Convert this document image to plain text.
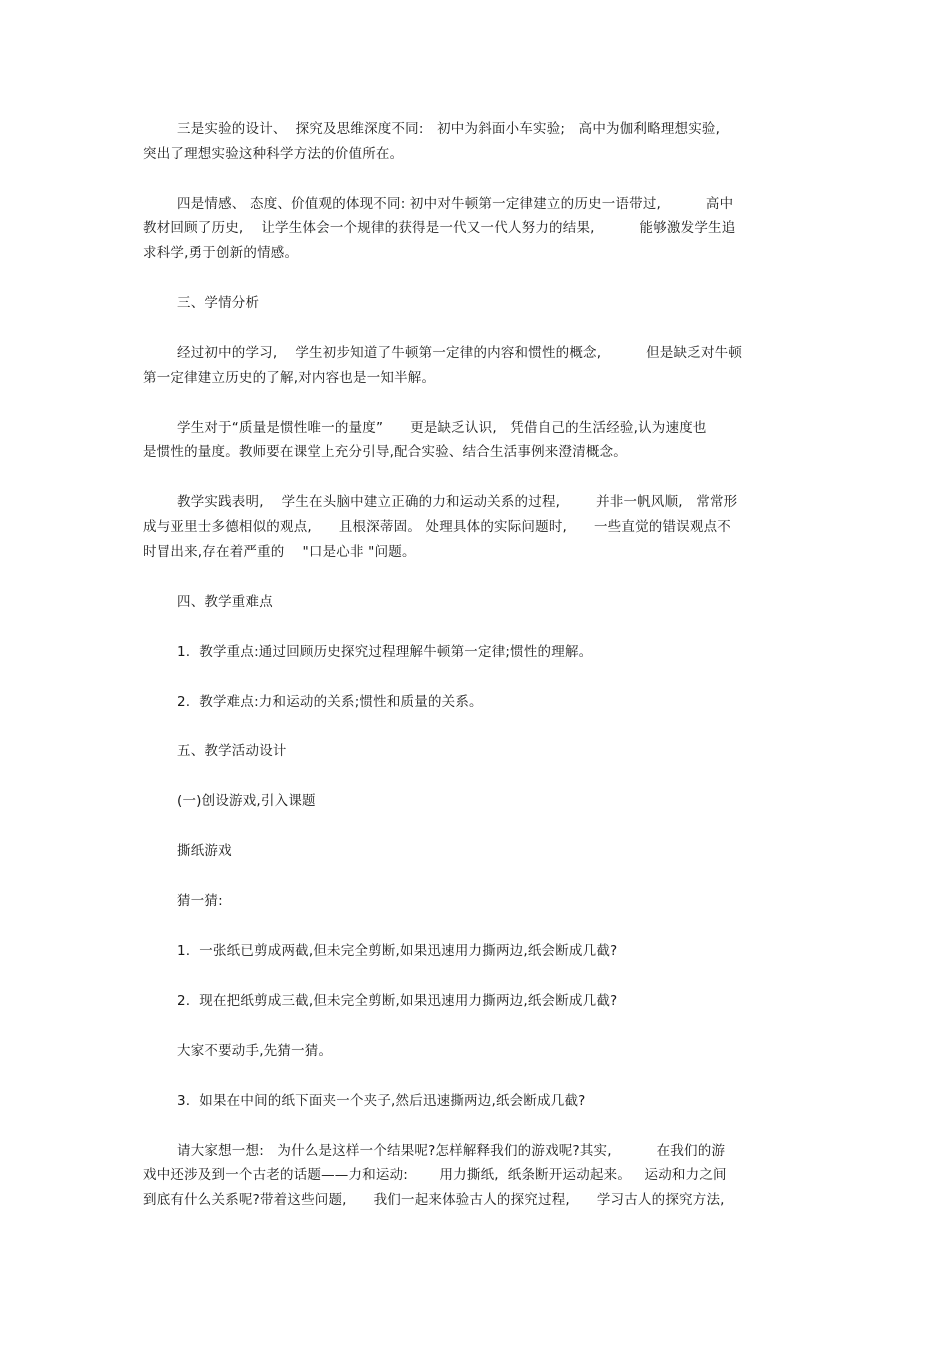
三是实验的设计、  探究及思维深度不同:   初中为斜面小车实验;   高中为伽利略理想实验,
突出了理想实验这种科学方法的价值所在。
四是情感、 态度、价值观的体现不同: 初中对牛顿第一定律建立的历史一语带过,          高中
教材回顾了历史,    让学生体会一个规律的获得是一代又一代人努力的结果,          能够激发学生追
求科学,勇于创新的情感。
三、学情分析
经过初中的学习,    学生初步知道了牛顿第一定律的内容和惯性的概念,          但是缺乏对牛顿
第一定律建立历史的了解,对内容也是一知半解。
学生对于“质量是惯性唯一的量度”      更是缺乏认识,   凭借自己的生活经验,认为速度也
是惯性的量度。教师要在课堂上充分引导,配合实验、结合生活事例来澄清概念。
教学实践表明,    学生在头脑中建立正确的力和运动关系的过程,        并非一帆风顺,   常常形
成与亚里士多德相似的观点,      且根深蒂固。 处理具体的实际问题时,      一些直觉的错误观点不
时冒出来,存在着严重的    "口是心非 "问题。
四、教学重难点
1.  教学重点:通过回顾历史探究过程理解牛顿第一定律;惯性的理解。
2.  教学难点:力和运动的关系;惯性和质量的关系。
五、教学活动设计
(一)创设游戏,引入课题
撕纸游戏
猜一猜:
1.  一张纸已剪成两截,但未完全剪断,如果迅速用力撕两边,纸会断成几截?
2.  现在把纸剪成三截,但未完全剪断,如果迅速用力撕两边,纸会断成几截?
大家不要动手,先猜一猜。
3.  如果在中间的纸下面夹一个夹子,然后迅速撕两边,纸会断成几截?
请大家想一想:   为什么是这样一个结果呢?怎样解释我们的游戏呢?其实,          在我们的游
戏中还涉及到一个古老的话题——力和运动:       用力撕纸,  纸条断开运动起来。   运动和力之间
到底有什么关系呢?带着这些问题,      我们一起来体验古人的探究过程,      学习古人的探究方法,
